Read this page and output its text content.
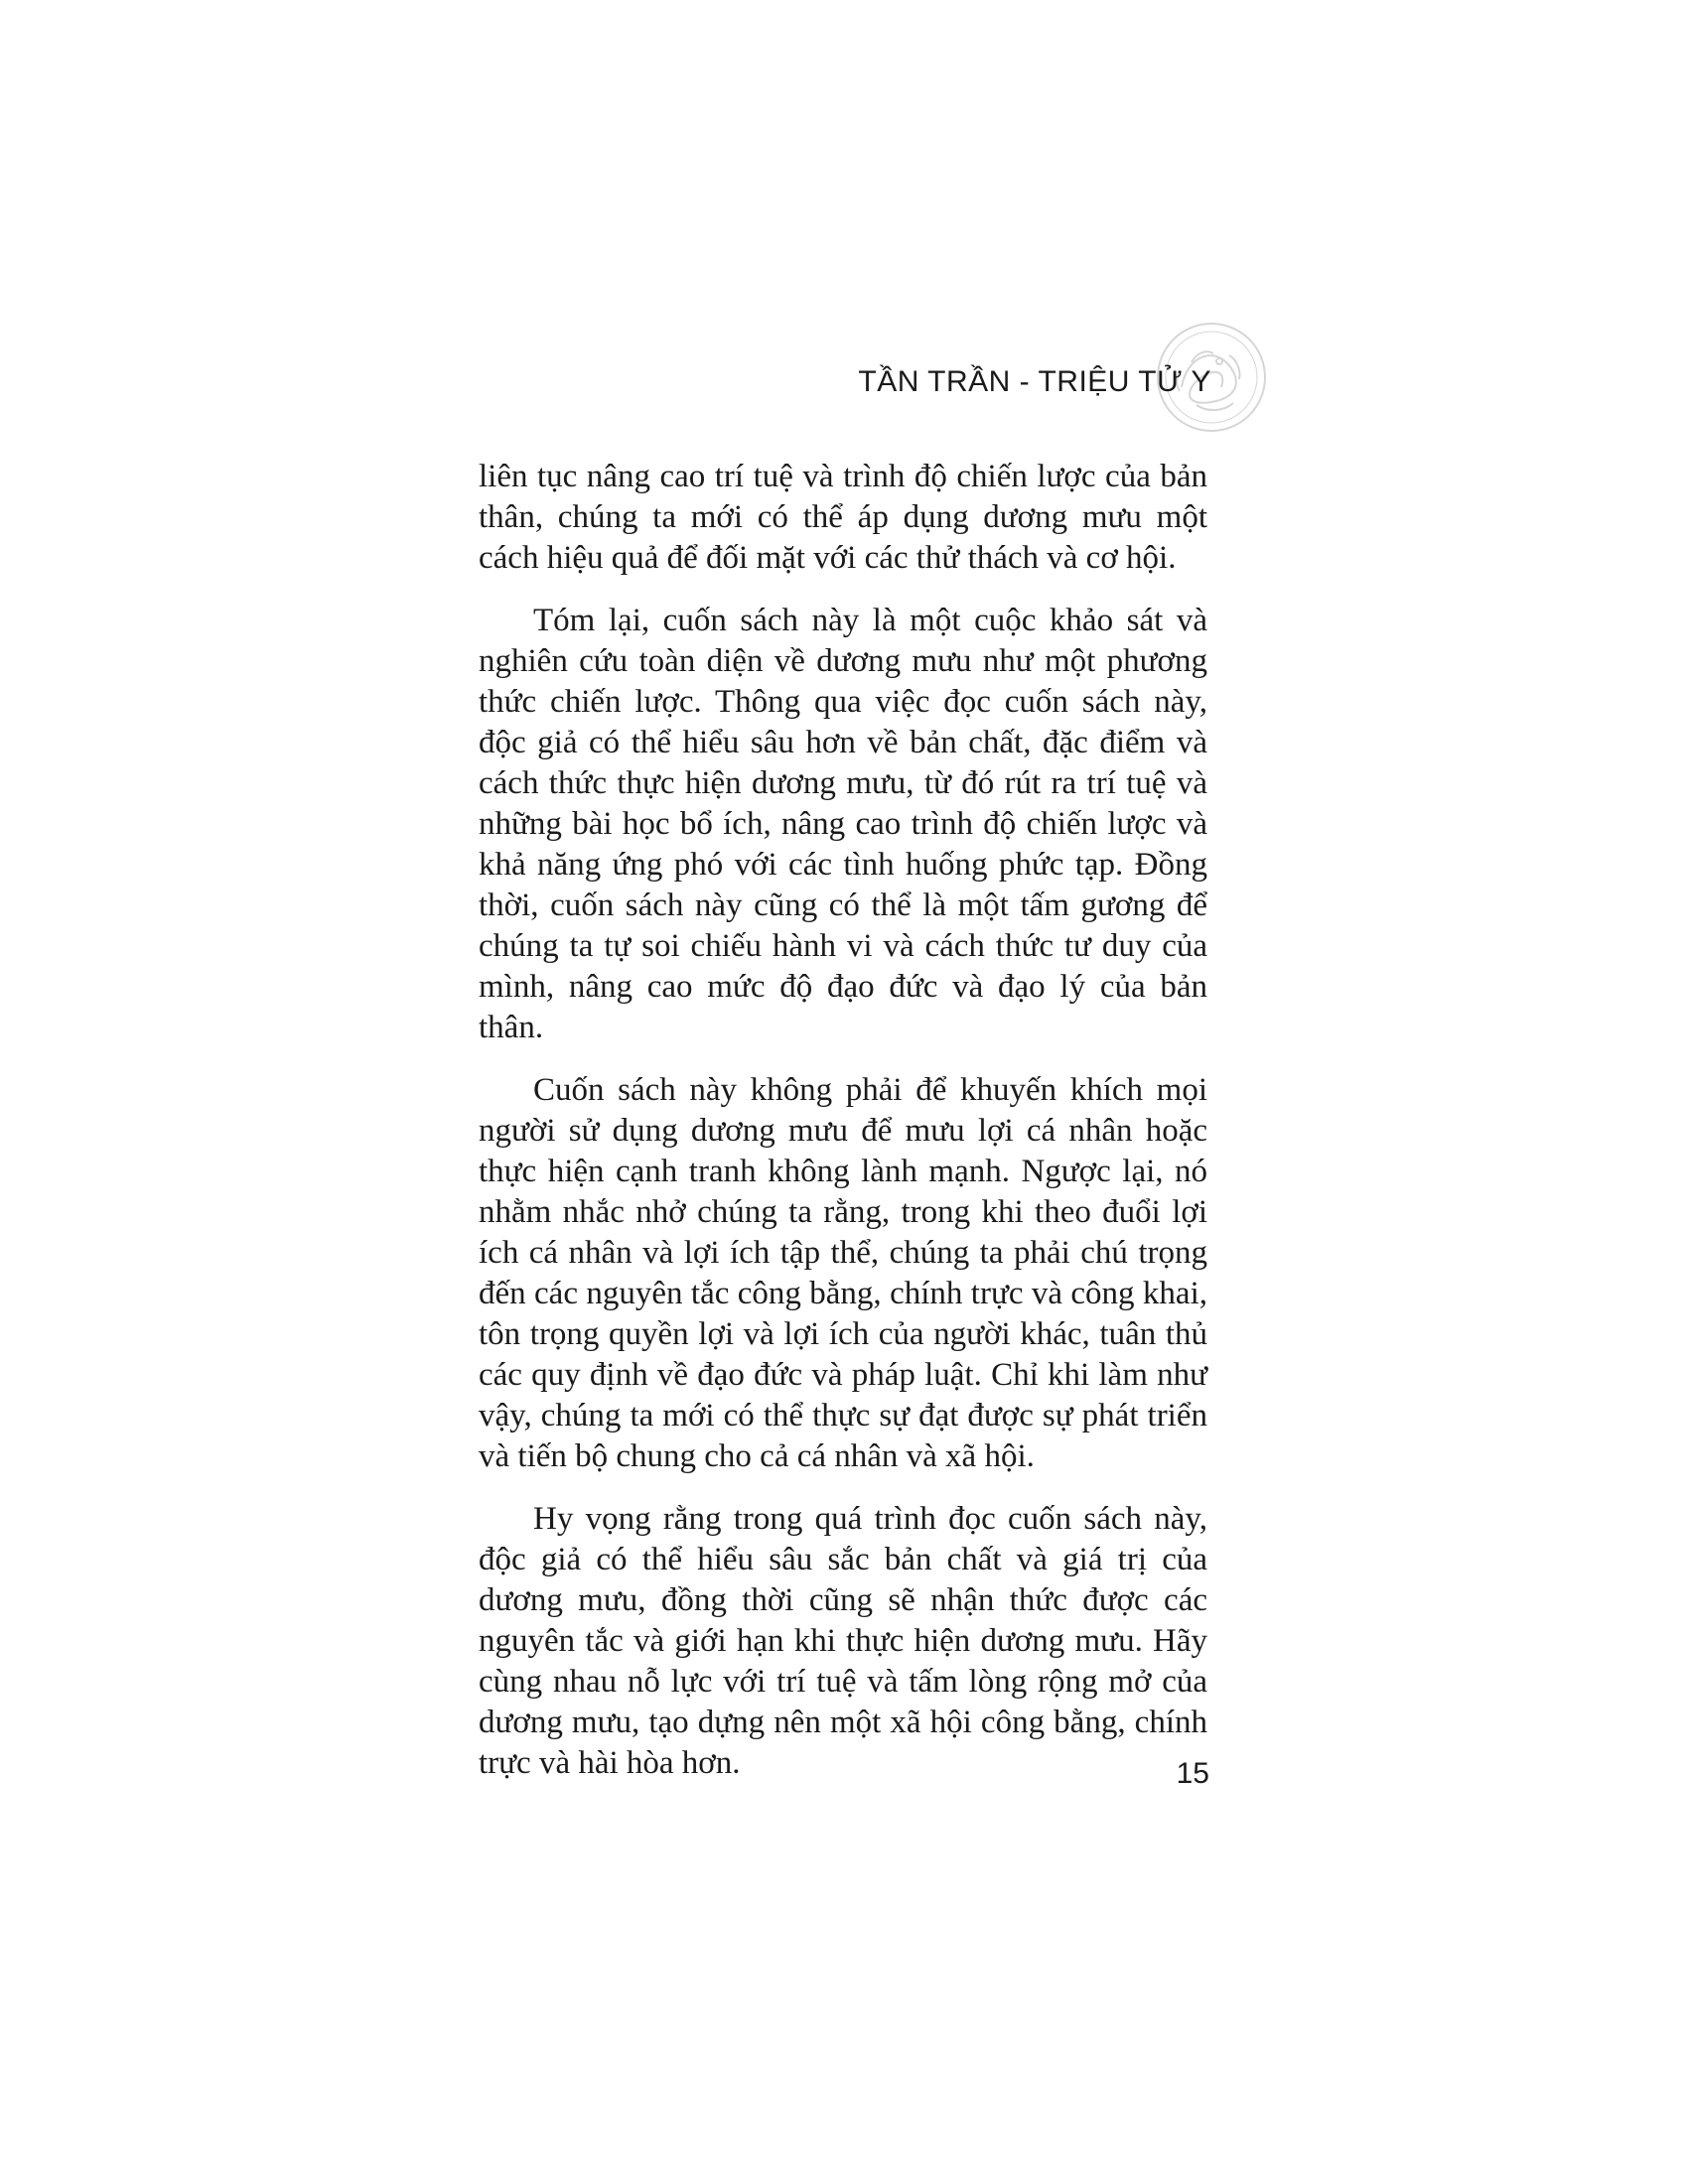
TẦN TRẦN - TRIỆU TỬ Y

liên tục nâng cao trí tuệ và trình độ chiến lược của bản thân, chúng ta mới có thể áp dụng dương mưu một cách hiệu quả để đối mặt với các thử thách và cơ hội.

Tóm lại, cuốn sách này là một cuộc khảo sát và nghiên cứu toàn diện về dương mưu như một phương thức chiến lược. Thông qua việc đọc cuốn sách này, độc giả có thể hiểu sâu hơn về bản chất, đặc điểm và cách thức thực hiện dương mưu, từ đó rút ra trí tuệ và những bài học bổ ích, nâng cao trình độ chiến lược và khả năng ứng phó với các tình huống phức tạp. Đồng thời, cuốn sách này cũng có thể là một tấm gương để chúng ta tự soi chiếu hành vi và cách thức tư duy của mình, nâng cao mức độ đạo đức và đạo lý của bản thân.

Cuốn sách này không phải để khuyến khích mọi người sử dụng dương mưu để mưu lợi cá nhân hoặc thực hiện cạnh tranh không lành mạnh. Ngược lại, nó nhằm nhắc nhở chúng ta rằng, trong khi theo đuổi lợi ích cá nhân và lợi ích tập thể, chúng ta phải chú trọng đến các nguyên tắc công bằng, chính trực và công khai, tôn trọng quyền lợi và lợi ích của người khác, tuân thủ các quy định về đạo đức và pháp luật. Chỉ khi làm như vậy, chúng ta mới có thể thực sự đạt được sự phát triển và tiến bộ chung cho cả cá nhân và xã hội.

Hy vọng rằng trong quá trình đọc cuốn sách này, độc giả có thể hiểu sâu sắc bản chất và giá trị của dương mưu, đồng thời cũng sẽ nhận thức được các nguyên tắc và giới hạn khi thực hiện dương mưu. Hãy cùng nhau nỗ lực với trí tuệ và tấm lòng rộng mở của dương mưu, tạo dựng nên một xã hội công bằng, chính trực và hài hòa hơn.	15
